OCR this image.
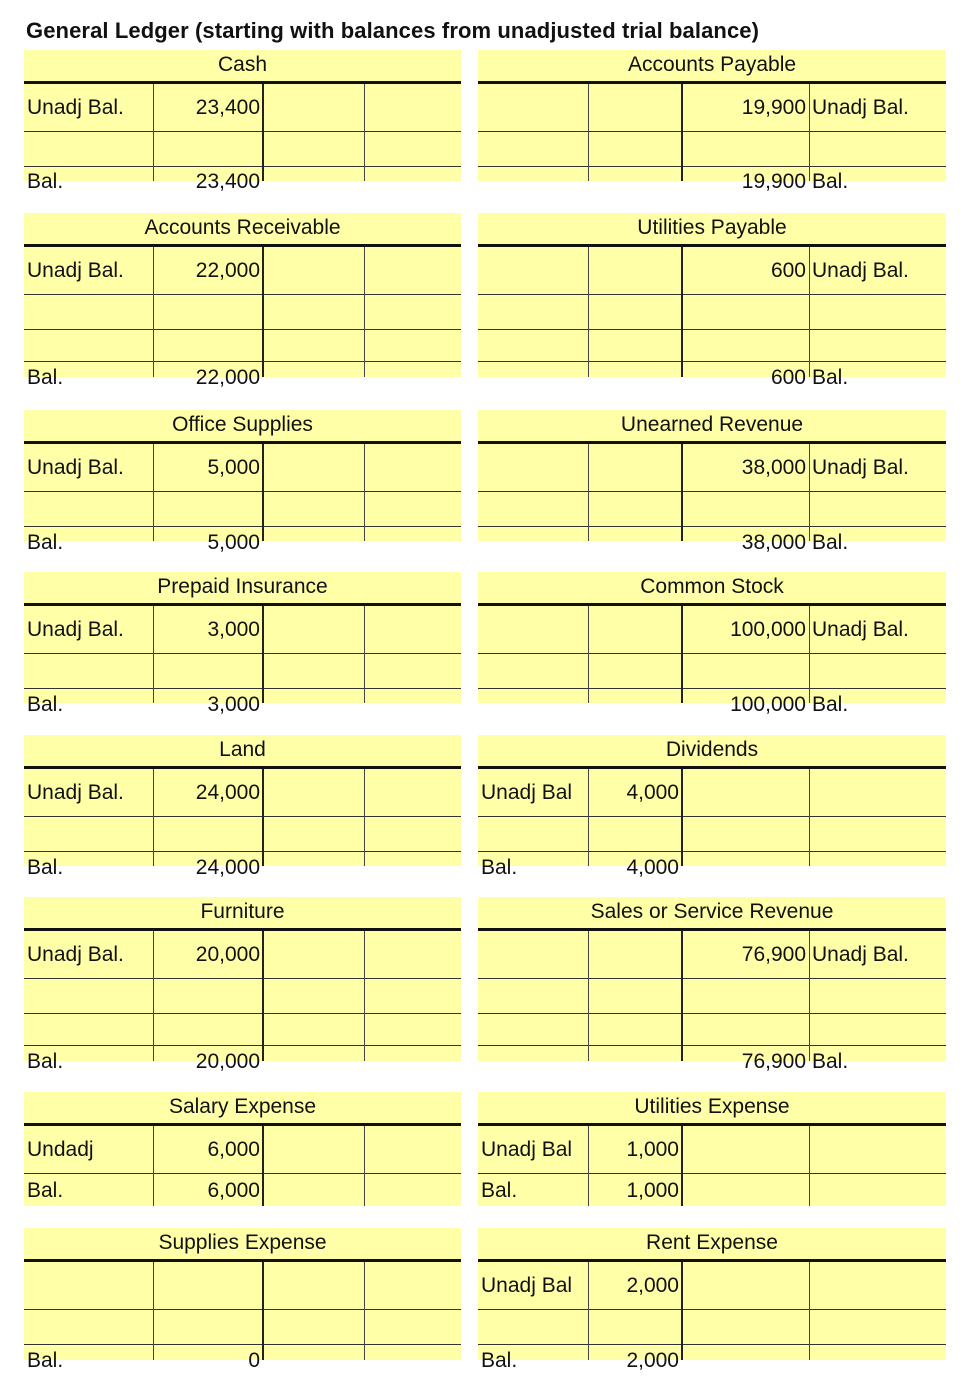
General Ledger (starting with balances from unadjusted trial balance)
Cash
Unadj Bal.	23,400
Bal.	23,400
Accounts Payable
19,900 Unadj Bal.
19,900 Bal.
Accounts Receivable
Unadj Bal.	22,000
Bal.	22,000
Utilities Payable
600 Unadj Bal.
600 Bal.
Office Supplies
Unadj Bal.	5,000
Bal.	5,000
Unearned Revenue
38,000 Unadj Bal.
38,000 Bal.
Prepaid Insurance
Unadj Bal.	3,000
Bal.	3,000
Common Stock
100,000 Unadj Bal.
100,000 Bal.
Land
Unadj Bal.	24,000
Bal.	24,000
Dividends
Unadj Bal	4,000
Bal.	4,000
Furniture
Unadj Bal.	20,000
Bal.	20,000
Sales or Service Revenue
76,900 Unadj Bal.
76,900 Bal.
Salary Expense
Undadj	6,000
Bal.	6,000
Utilities Expense
Unadj Bal	1,000
Bal.	1,000
Supplies Expense
Bal.	0
Rent Expense
Unadj Bal	2,000
Bal.	2,000
